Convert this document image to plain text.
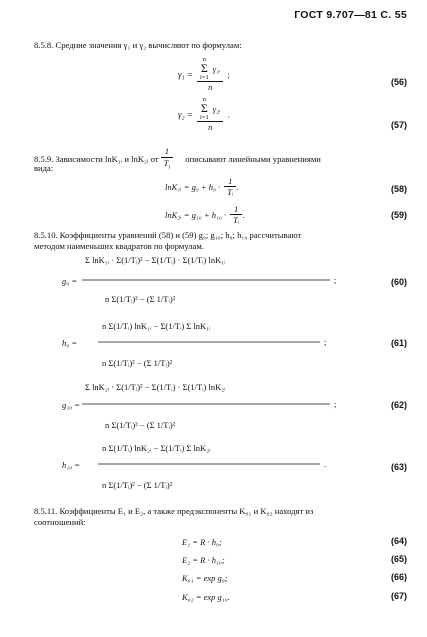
ГОСТ 9.707—81 С. 55
8.5.8. Средние значения γ₁ и γ₂ вычисляют по формулам:
γ₁ = n
Σ
i=1 γ₁ᵢ
n ;
(56)
γ₂ = n
Σ
i=1 γ₂ᵢ
n .
(57)
8.5.9. Зависимости lnK₁ᵢ и lnK₂ᵢ от $\frac{1}{T_i}$ описывают линейными уравнениями
вида:
lnK₁ᵢ = $g_9 + h_9 \cdot \frac{1}{\text{Tᵢ}}$ .	(58)
lnK₂ᵢ = $g_{10} + h_{10} \cdot \frac{1}{\text{Tᵢ}}$ .	(59)
8.5.10. Коэффициенты уравнений (58) и (59) g₉; g₁₀; h₉; h₁₀ рассчитывают
методом наименьших квадратов по формулам.
g₉ =
Σ lnK₁ᵢ · Σ(1/Tᵢ)² − Σ(1/Tᵢ) · Σ(1/Tᵢ) lnK₁ᵢ
n Σ(1/Tᵢ)² − (Σ 1/Tᵢ)²
h₉ =
n Σ(1/Tᵢ) lnK₁ᵢ − Σ(1/Tᵢ) Σ lnK₁ᵢ
n Σ(1/Tᵢ)² − (Σ 1/Tᵢ)²
g₁₀ =
Σ lnK₂ᵢ · Σ(1/Tᵢ)² − Σ(1/Tᵢ) · Σ(1/Tᵢ) lnK₂ᵢ
n Σ(1/Tᵢ)² − (Σ 1/Tᵢ)²
h₁₀ =
n Σ(1/Tᵢ) lnK₂ᵢ − Σ(1/Tᵢ) Σ lnK₂ᵢ
n Σ(1/Tᵢ)² − (Σ 1/Tᵢ)²
;
;
;
.
(60)
(61)
(62)
(63)
8.5.11. Коэффициенты E₁ и E₂, а также предэкспоненты K₀₁ и K₀₂ находят из
соотношений:
E₁ = R · h₉;	(64)
E₂ = R · h₁₀;	(65)
K₀₁ = exp g₉;	(66)
K₀₂ = exp g₁₀.	(67)
